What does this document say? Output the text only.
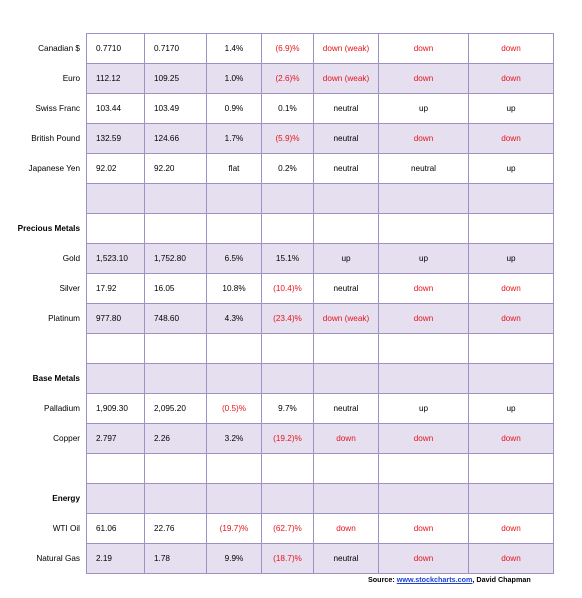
Canadian $	0.7710	0.7170	1.4%	(6.9)%	down (weak)	down	down
Euro	112.12	109.25	1.0%	(2.6)%	down (weak)	down	down
Swiss Franc	103.44	103.49	0.9%	0.1%	neutral	up	up
British Pound	132.59	124.66	1.7%	(5.9)%	neutral	down	down
Japanese Yen	92.02	92.20	flat	0.2%	neutral	neutral	up

Precious Metals							
Gold	1,523.10	1,752.80	6.5%	15.1%	up	up	up
Silver	17.92	16.05	10.8%	(10.4)%	neutral	down	down
Platinum	977.80	748.60	4.3%	(23.4)%	down (weak)	down	down

Base Metals							
Palladium	1,909.30	2,095.20	(0.5)%	9.7%	neutral	up	up
Copper	2.797	2.26	3.2%	(19.2)%	down	down	down

Energy							
WTI Oil	61.06	22.76	(19.7)%	(62.7)%	down	down	down
Natural Gas	2.19	1.78	9.9%	(18.7)%	neutral	down	down
Source: www.stockcharts.com, David Chapman
